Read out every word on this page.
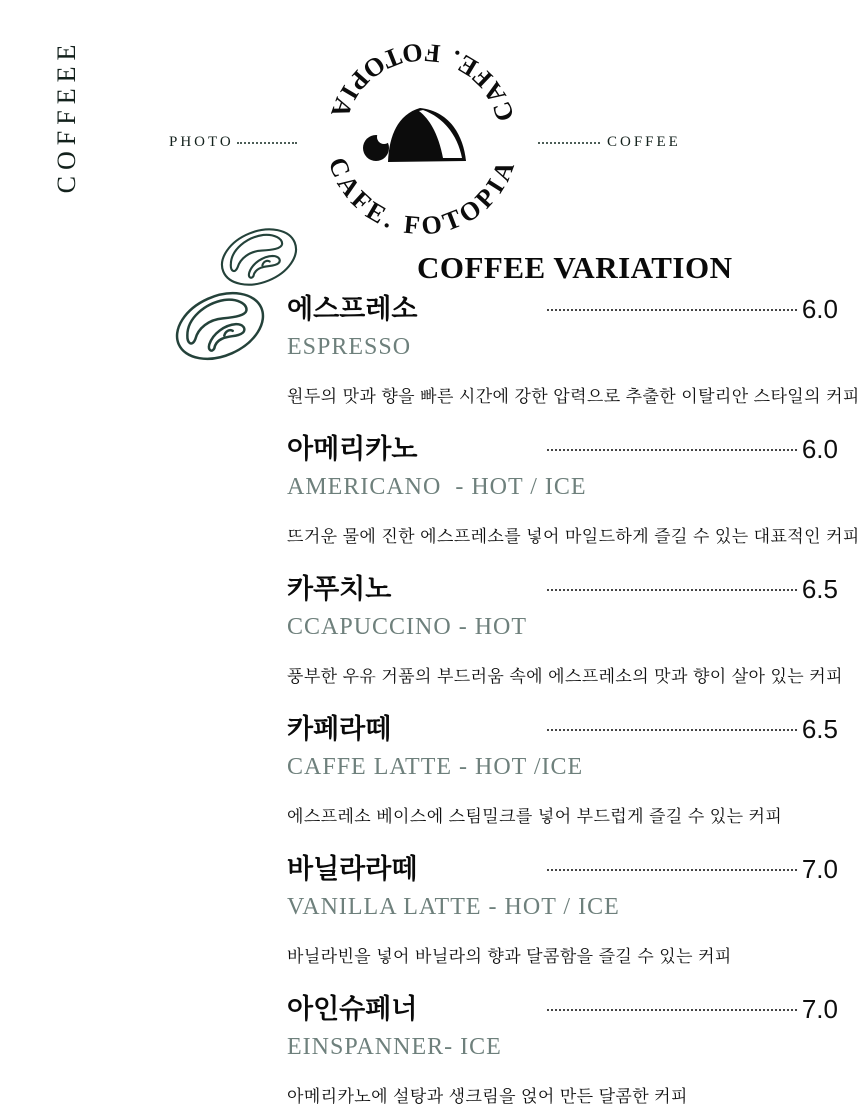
COFFEEE	PHOTO	COFFEE
CAFE. FOTOPIA
CAFE. FOTOPIA
COFFEE VARIATION
에스프레소	6.0
ESPRESSO
원두의 맛과 향을 빠른 시간에 강한 압력으로 추출한 이탈리안 스타일의 커피
아메리카노	6.0
AMERICANO  - HOT / ICE
뜨거운 물에 진한 에스프레소를 넣어 마일드하게 즐길 수 있는 대표적인 커피
카푸치노	6.5
CCAPUCCINO - HOT
풍부한 우유 거품의 부드러움 속에 에스프레소의 맛과 향이 살아 있는 커피
카페라떼	6.5
CAFFE LATTE - HOT /ICE
에스프레소 베이스에 스팀밀크를 넣어 부드럽게 즐길 수 있는 커피
바닐라라떼	7.0
VANILLA LATTE - HOT / ICE
바닐라빈을 넣어 바닐라의 향과 달콤함을 즐길 수 있는 커피
아인슈페너	7.0
EINSPANNER- ICE
아메리카노에 설탕과 생크림을 얹어 만든 달콤한 커피
